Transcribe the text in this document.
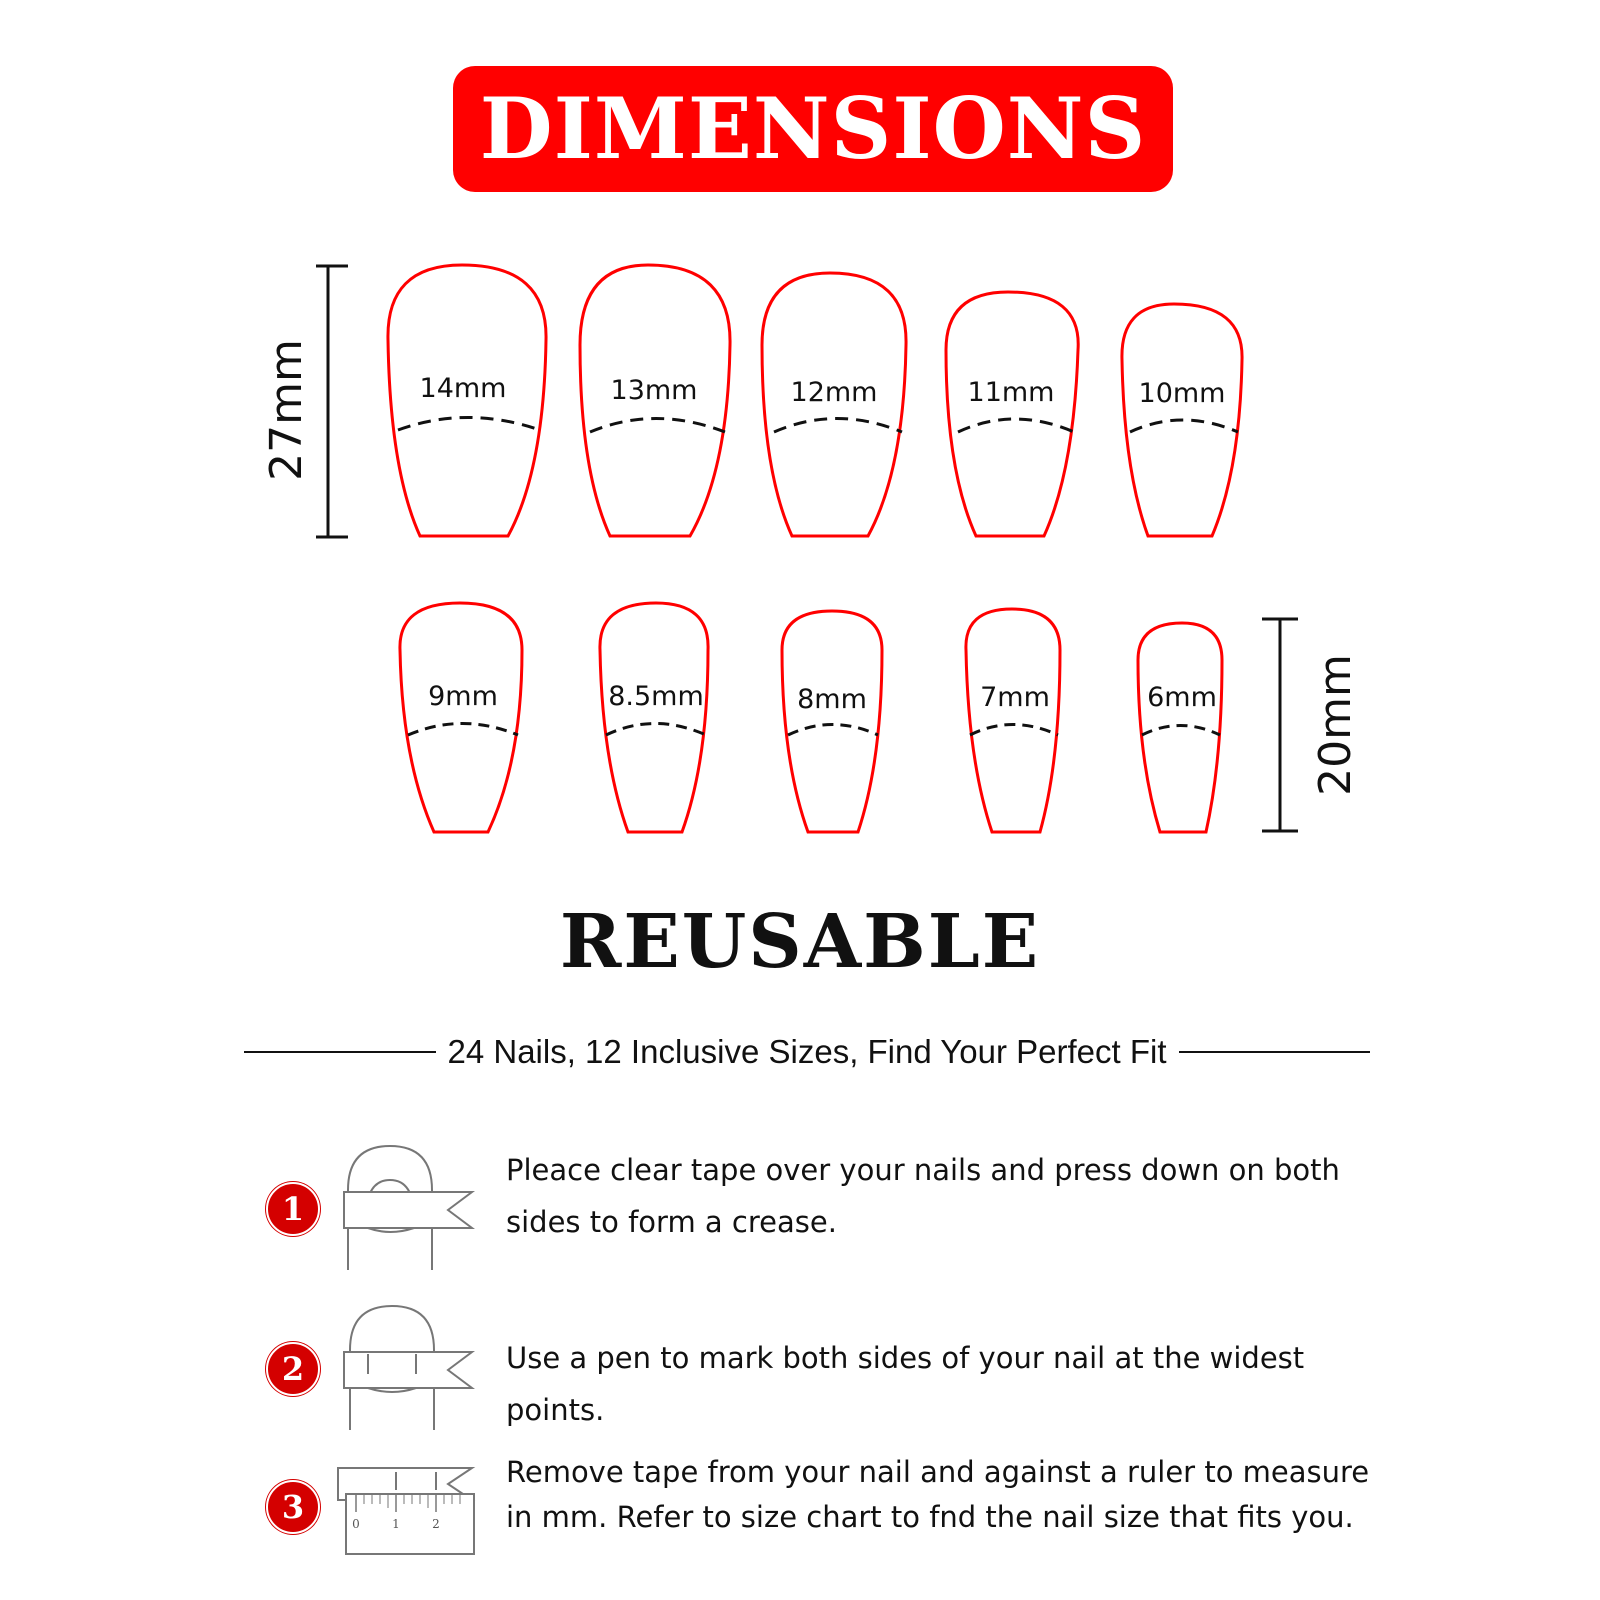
DIMENSIONS
27mm
20mm
14mm	13mm	12mm	11mm	10mm
9mm	8.5mm	8mm	7mm	6mm
REUSABLE
24 Nails, 12 Inclusive Sizes, Find Your Perfect Fit
1
Pleace clear tape over your nails and press down on both sides to form a crease.
2	Use a pen to mark both sides of your nail at the widest points.
3	0	1	2
Remove tape from your nail and against a ruler to measure in mm. Refer to size chart to fnd the nail size that fits you.
